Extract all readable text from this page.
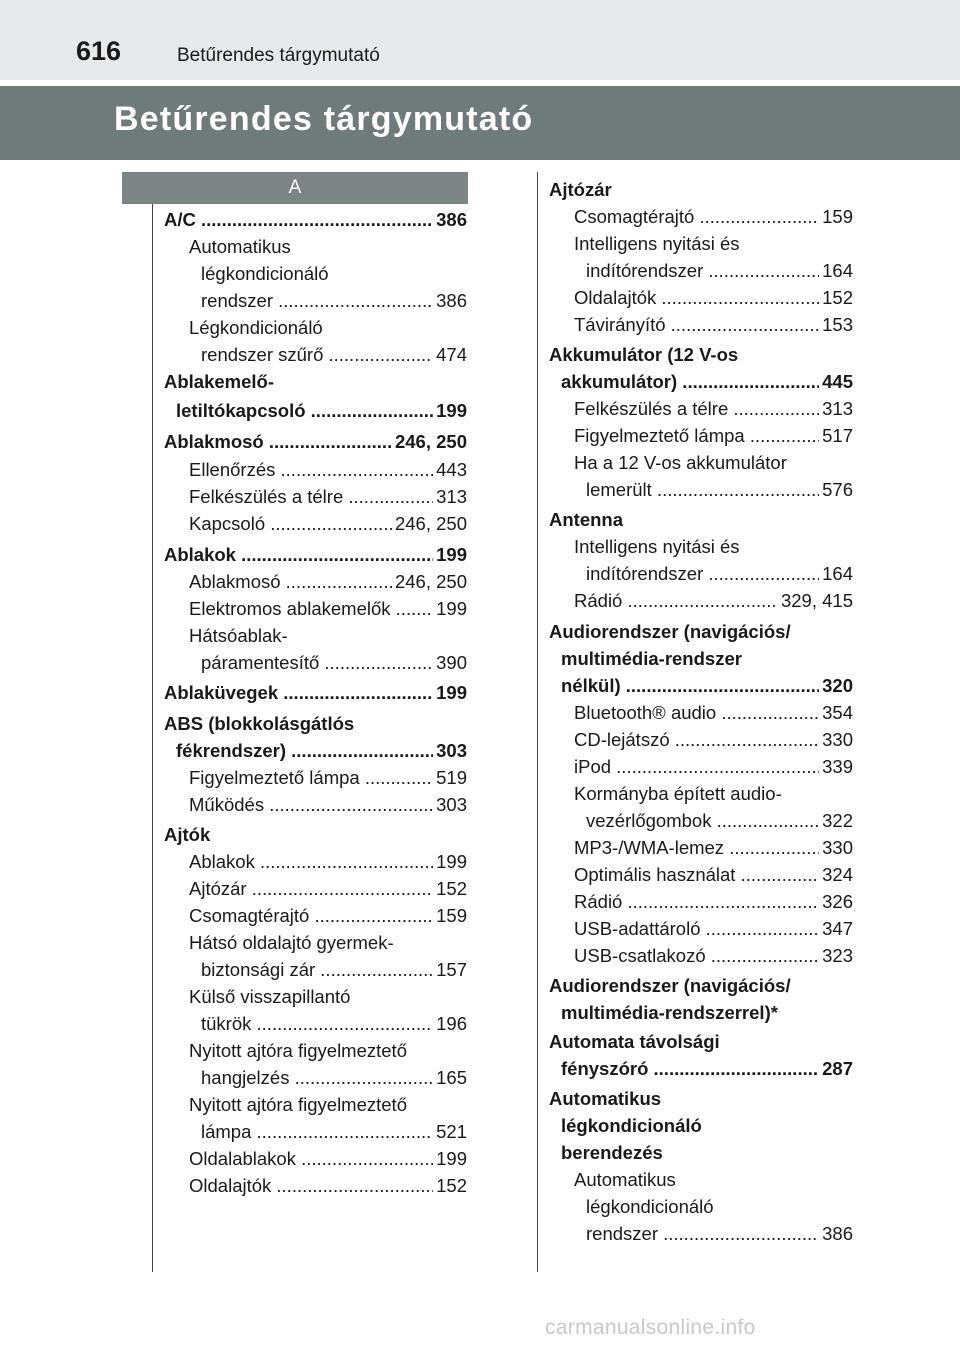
616	Betűrendes tárgymutató
Betűrendes tárgymutató
A
A/C .....	386
Automatikus
légkondicionáló
rendszer .....	386
Légkondicionáló
rendszer szűrő .....	474
Ablakemelő-
letiltókapcsoló .....	199
Ablakmosó .....	246, 250
Ellenőrzés .....	443
Felkészülés a télre .....	313
Kapcsoló .....	246, 250
Ablakok .....	199
Ablakmosó .....	246, 250
Elektromos ablakemelők .....	199
Hátsóablak-
páramentesítő .....	390
Ablaküvegek .....	199
ABS (blokkolásgátlós
fékrendszer) .....	303
Figyelmeztető lámpa .....	519
Működés .....	303
Ajtók
Ablakok .....	199
Ajtózár .....	152
Csomagtérajtó .....	159
Hátsó oldalajtó gyermek-
biztonsági zár .....	157
Külső visszapillantó
tükrök .....	196
Nyitott ajtóra figyelmeztető
hangjelzés .....	165
Nyitott ajtóra figyelmeztető
lámpa .....	521
Oldalablakok .....	199
Oldalajtók .....	152
Ajtózár
Csomagtérajtó .....	159
Intelligens nyitási és
indítórendszer .....	164
Oldalajtók .....	152
Távirányító .....	153
Akkumulátor (12 V-os
akkumulátor) .....	445
Felkészülés a télre .....	313
Figyelmeztető lámpa .....	517
Ha a 12 V-os akkumulátor
lemerült .....	576
Antenna
Intelligens nyitási és
indítórendszer .....	164
Rádió .....	329, 415
Audiorendszer (navigációs/
multimédia-rendszer
nélkül) .....	320
Bluetooth® audio .....	354
CD-lejátszó .....	330
iPod .....	339
Kormányba épített audio-
vezérlőgombok .....	322
MP3-/WMA-lemez .....	330
Optimális használat .....	324
Rádió .....	326
USB-adattároló .....	347
USB-csatlakozó .....	323
Audiorendszer (navigációs/
multimédia-rendszerrel)*
Automata távolsági
fényszóró .....	287
Automatikus
légkondicionáló
berendezés
Automatikus
légkondicionáló
rendszer .....	386
carmanualsonline.info
